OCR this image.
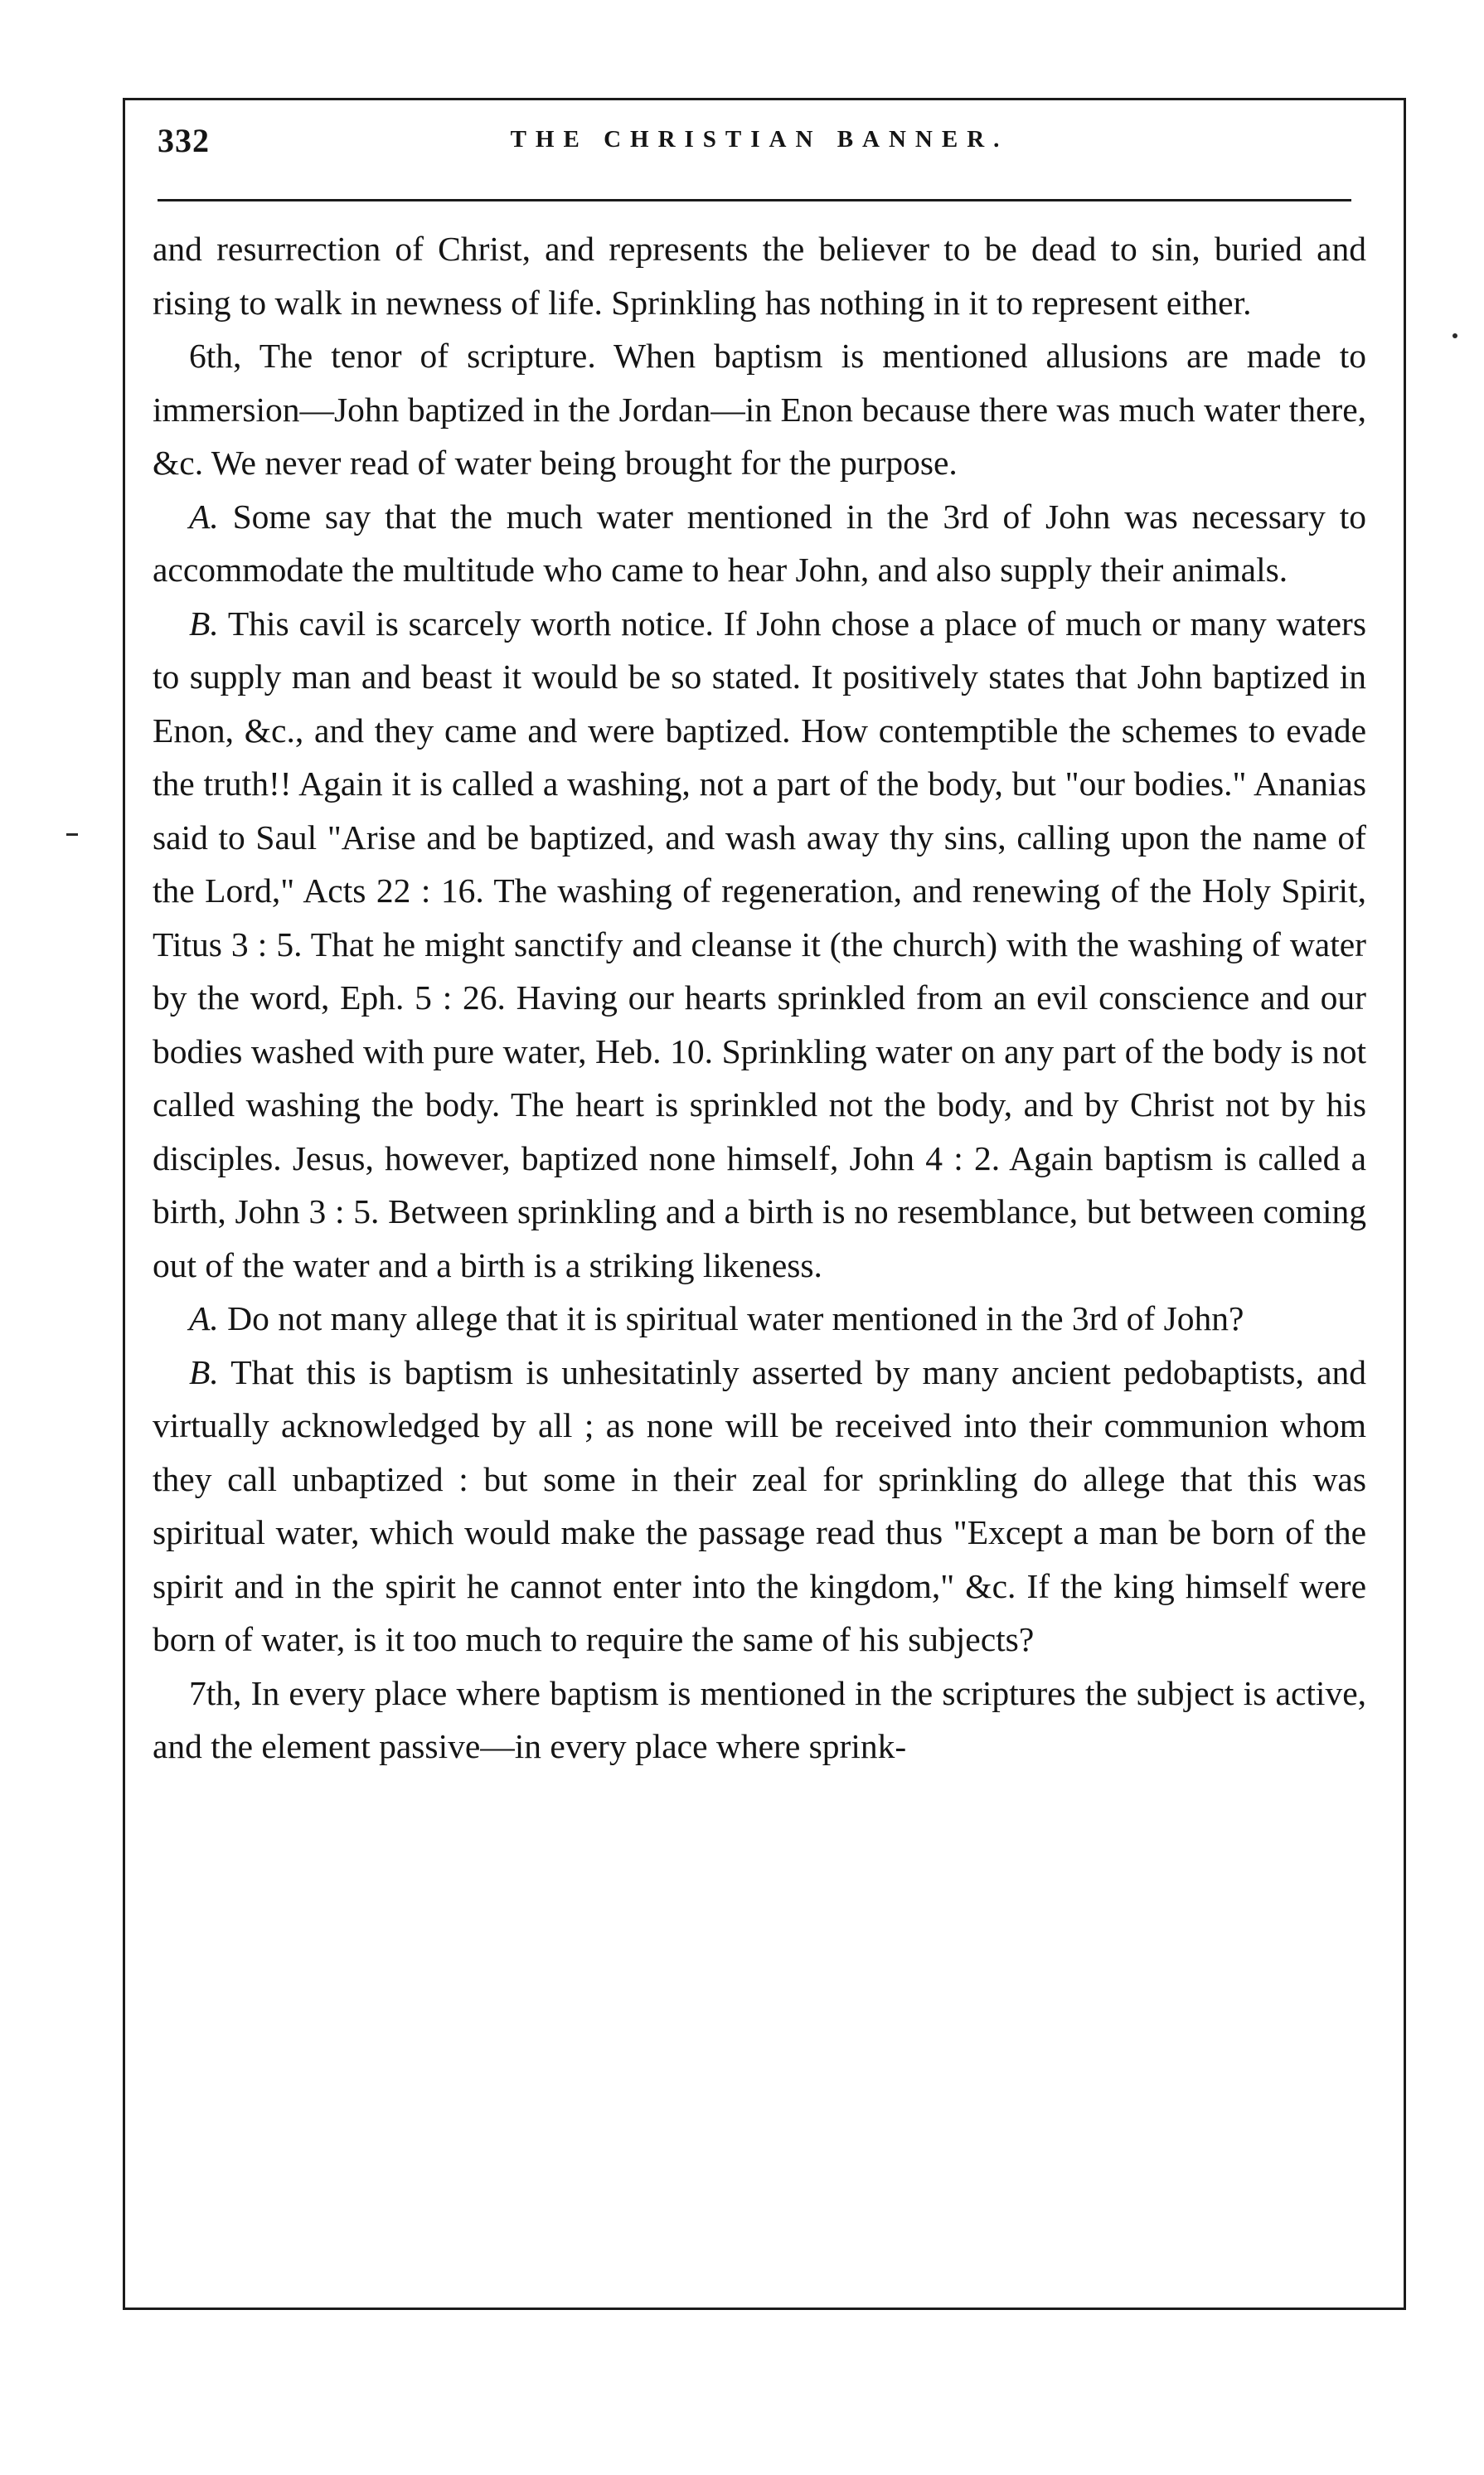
332	THE CHRISTIAN BANNER.

and resurrection of Christ, and represents the believer to be dead to sin, buried and rising to walk in newness of life. Sprinkling has nothing in it to represent either.

6th, The tenor of scripture. When baptism is mentioned allusions are made to immersion—John baptized in the Jordan—in Enon because there was much water there, &c. We never read of water being brought for the purpose.

A. Some say that the much water mentioned in the 3rd of John was necessary to accommodate the multitude who came to hear John, and also supply their animals.

B. This cavil is scarcely worth notice. If John chose a place of much or many waters to supply man and beast it would be so stated. It positively states that John baptized in Enon, &c., and they came and were baptized. How contemptible the schemes to evade the truth!! Again it is called a washing, not a part of the body, but "our bodies." Ananias said to Saul "Arise and be baptized, and wash away thy sins, calling upon the name of the Lord," Acts 22 : 16. The washing of regeneration, and renewing of the Holy Spirit, Titus 3 : 5. That he might sanctify and cleanse it (the church) with the washing of water by the word, Eph. 5 : 26. Having our hearts sprinkled from an evil conscience and our bodies washed with pure water, Heb. 10. Sprinkling water on any part of the body is not called washing the body. The heart is sprinkled not the body, and by Christ not by his disciples. Jesus, however, baptized none himself, John 4 : 2. Again baptism is called a birth, John 3 : 5. Between sprinkling and a birth is no resemblance, but between coming out of the water and a birth is a striking likeness.

A. Do not many allege that it is spiritual water mentioned in the 3rd of John?

B. That this is baptism is unhesitatinly asserted by many ancient pedobaptists, and virtually acknowledged by all ; as none will be received into their communion whom they call unbaptized : but some in their zeal for sprinkling do allege that this was spiritual water, which would make the passage read thus "Except a man be born of the spirit and in the spirit he cannot enter into the kingdom," &c. If the king himself were born of water, is it too much to require the same of his subjects?

7th, In every place where baptism is mentioned in the scriptures the subject is active, and the element passive—in every place where sprink-
